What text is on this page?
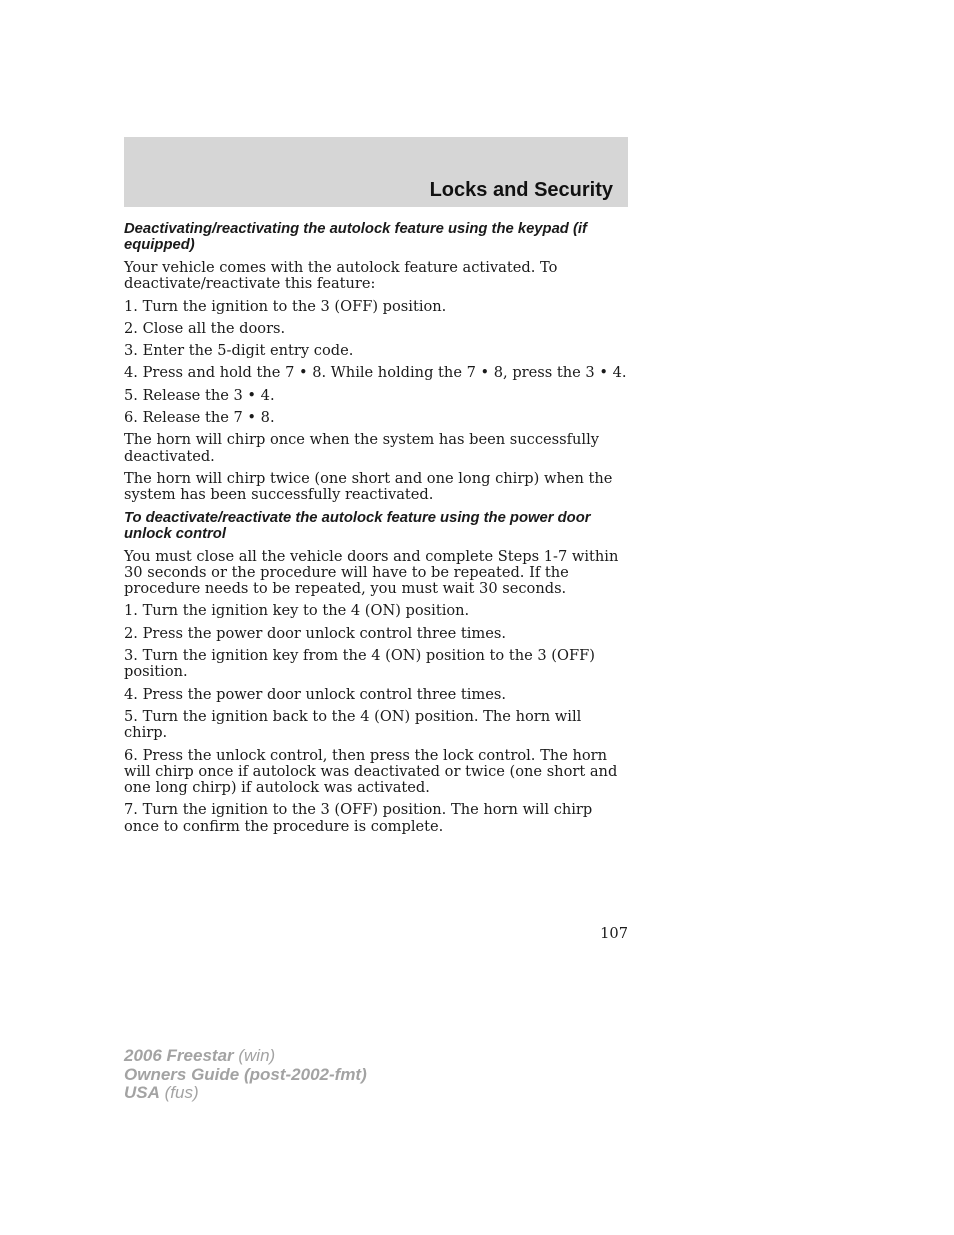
Locks and Security
Deactivating/reactivating the autolock feature using the keypad (if equipped)

Your vehicle comes with the autolock feature activated. To deactivate/reactivate this feature:

1. Turn the ignition to the 3 (OFF) position.

2. Close all the doors.

3. Enter the 5-digit entry code.

4. Press and hold the 7 • 8. While holding the 7 • 8, press the 3 • 4.

5. Release the 3 • 4.

6. Release the 7 • 8.

The horn will chirp once when the system has been successfully deactivated.

The horn will chirp twice (one short and one long chirp) when the system has been successfully reactivated.

To deactivate/reactivate the autolock feature using the power door unlock control

You must close all the vehicle doors and complete Steps 1-7 within 30 seconds or the procedure will have to be repeated. If the procedure needs to be repeated, you must wait 30 seconds.

1. Turn the ignition key to the 4 (ON) position.

2. Press the power door unlock control three times.

3. Turn the ignition key from the 4 (ON) position to the 3 (OFF) position.

4. Press the power door unlock control three times.

5. Turn the ignition back to the 4 (ON) position. The horn will chirp.

6. Press the unlock control, then press the lock control. The horn will chirp once if autolock was deactivated or twice (one short and one long chirp) if autolock was activated.

7. Turn the ignition to the 3 (OFF) position. The horn will chirp once to confirm the procedure is complete.

107
2006 Freestar (win)
Owners Guide (post-2002-fmt)
USA (fus)
